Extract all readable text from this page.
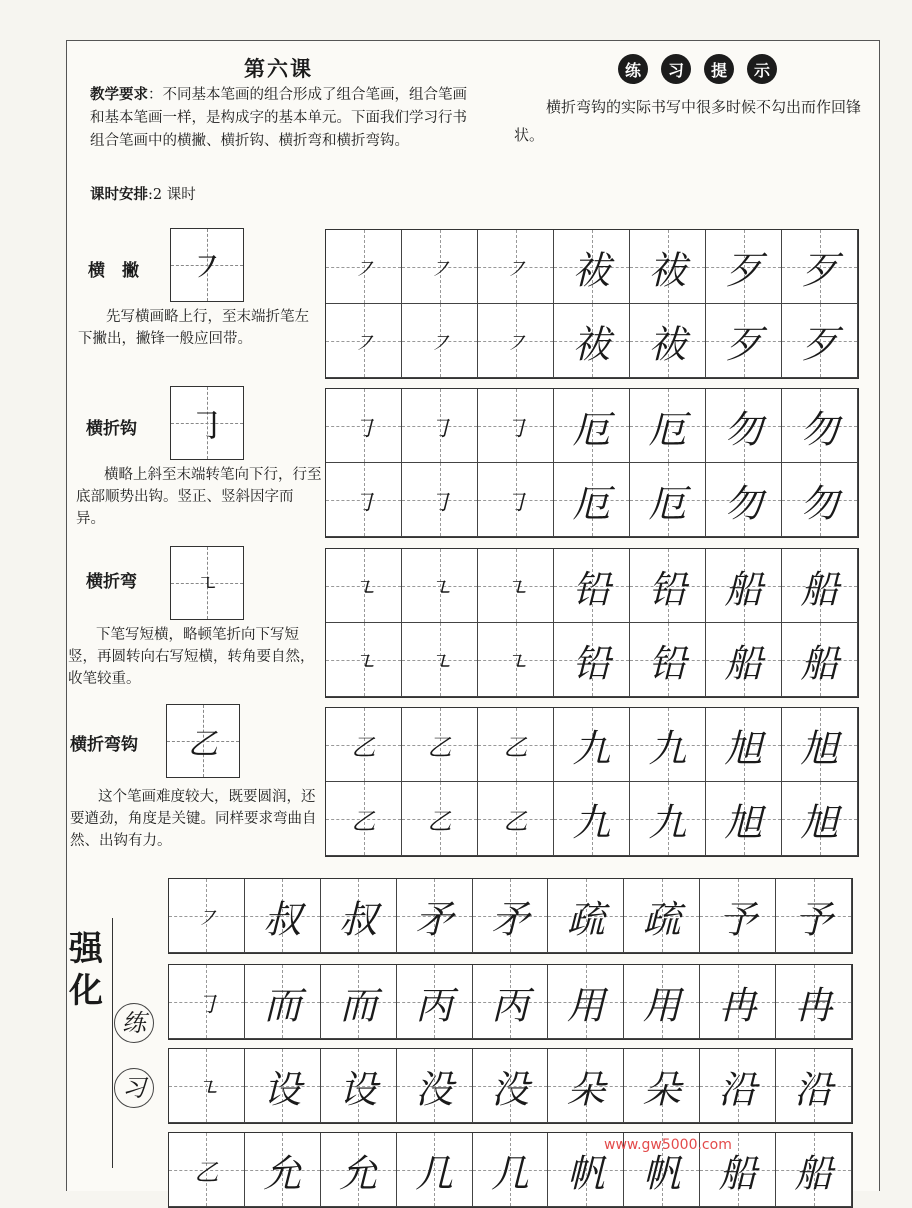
第六课
教学要求：不同基本笔画的组合形成了组合笔画，组合笔画和基本笔画一样，是构成字的基本单元。下面我们学习行书组合笔画中的横撇、横折钩、横折弯和横折弯钩。
课时安排:2 课时
练	习	提	示
横折弯钩的实际书写中很多时候不勾出而作回锋状。
横　撇	㇇
先写横画略上行，至末端折笔左下撇出，撇锋一般应回带。
㇇	㇇	㇇	祓 祓 歹 歹
㇇	㇇	㇇	祓 祓 歹 歹
横折钩	㇆
横略上斜至末端转笔向下行，行至底部顺势出钩。竖正、竖斜因字而异。
㇆	㇆	㇆	厄 厄 勿 勿
㇆	㇆	㇆	厄 厄 勿 勿
横折弯	㇍
下笔写短横，略顿笔折向下写短竖，再圆转向右写短横，转角要自然，收笔较重。
㇍	㇍	㇍	铅 铅 船 船
㇍	㇍	㇍	铅 铅 船 船
横折弯钩	乙
这个笔画难度较大，既要圆润，还要遒劲，角度是关键。同样要求弯曲自然、出钩有力。
乙	乙	乙	九 九 旭 旭
乙	乙	乙	九 九 旭 旭
强化
练 习
㇇	叔 叔 矛 矛 疏 疏 予 予
㇆	而 而 丙 丙 用 用 冉 冉
㇍	设 设 没 没 朵 朵 沿 沿
乙	允 允 几 几 帆 帆 船 船
www.gw5000.com
